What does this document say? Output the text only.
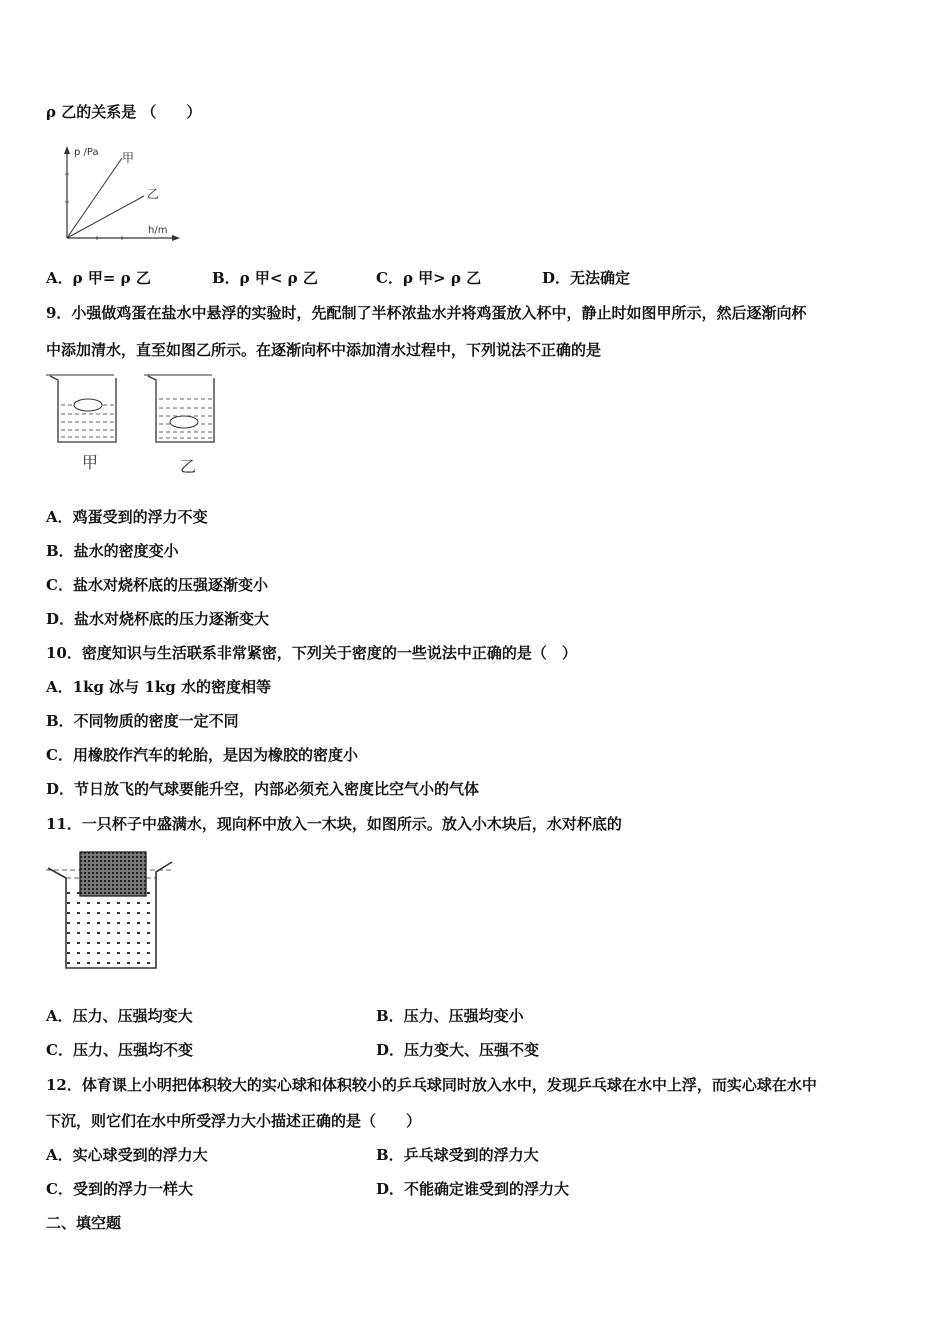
ρ 乙的关系是 （　　）
p /Pa 甲
乙
h/m
A．ρ 甲= ρ 乙	B．ρ 甲< ρ 乙	C．ρ 甲> ρ 乙	D．无法确定
9．小强做鸡蛋在盐水中悬浮的实验时，先配制了半杯浓盐水并将鸡蛋放入杯中，静止时如图甲所示，然后逐渐向杯
中添加清水，直至如图乙所示。在逐渐向杯中添加清水过程中，下列说法不正确的是
甲	乙
A．鸡蛋受到的浮力不变
B．盐水的密度变小
C．盐水对烧杯底的压强逐渐变小
D．盐水对烧杯底的压力逐渐变大
10．密度知识与生活联系非常紧密，下列关于密度的一些说法中正确的是（　）
A．1kg 冰与 1kg 水的密度相等
B．不同物质的密度一定不同
C．用橡胶作汽车的轮胎，是因为橡胶的密度小
D．节日放飞的气球要能升空，内部必须充入密度比空气小的气体
11．一只杯子中盛满水，现向杯中放入一木块，如图所示。放入小木块后，水对杯底的
A．压力、压强均变大	B．压力、压强均变小
C．压力、压强均不变	D．压力变大、压强不变
12．体育课上小明把体积较大的实心球和体积较小的乒乓球同时放入水中，发现乒乓球在水中上浮，而实心球在水中
下沉，则它们在水中所受浮力大小描述正确的是（　　）
A．实心球受到的浮力大	B．乒乓球受到的浮力大
C．受到的浮力一样大	D．不能确定谁受到的浮力大
二、填空题
